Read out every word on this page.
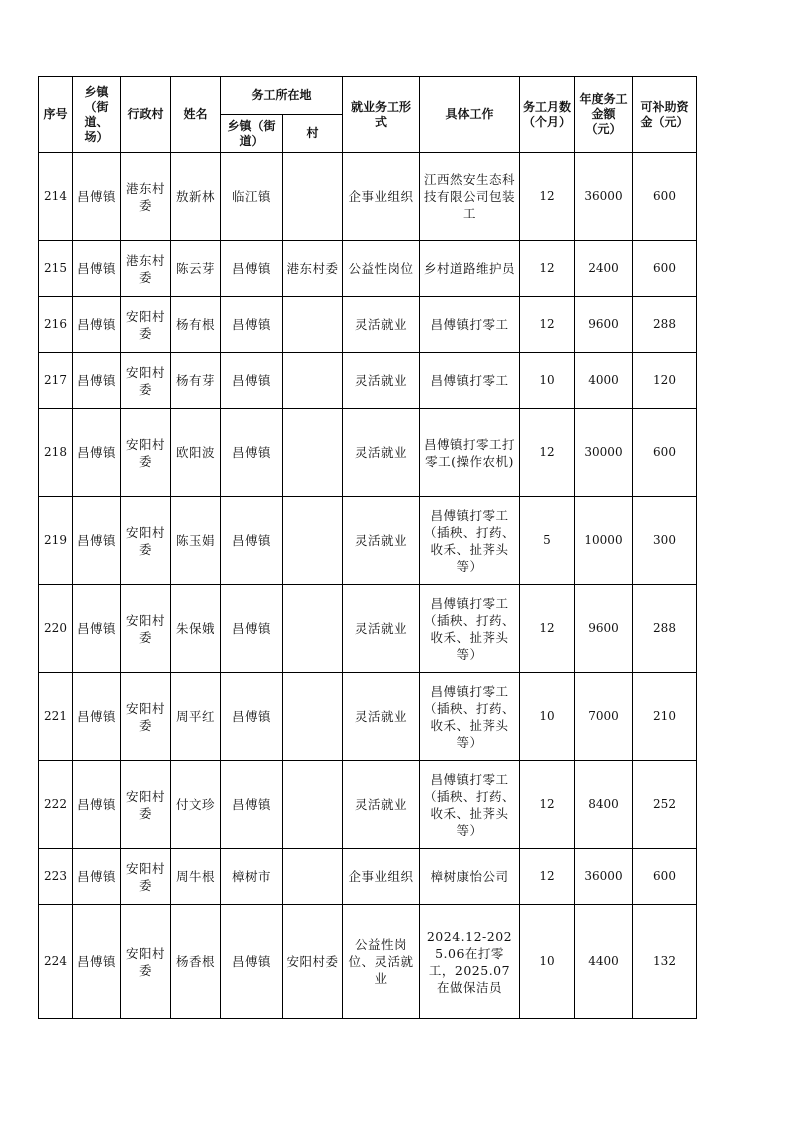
序号	乡镇（街道、场）	行政村	姓名	务工所在地		就业务工形式	具体工作	务工月数（个月）	年度务工金额（元）	可补助资金（元）
				乡镇（街道）	村					
214	昌傅镇	港东村委	敖新林	临江镇		企事业组织	江西然安生态科技有限公司包装工	12	36000	600
215	昌傅镇	港东村委	陈云芽	昌傅镇	港东村委	公益性岗位	乡村道路维护员	12	2400	600
216	昌傅镇	安阳村委	杨有根	昌傅镇		灵活就业	昌傅镇打零工	12	9600	288
217	昌傅镇	安阳村委	杨有芽	昌傅镇		灵活就业	昌傅镇打零工	10	4000	120
218	昌傅镇	安阳村委	欧阳波	昌傅镇		灵活就业	昌傅镇打零工打零工(操作农机)	12	30000	600
219	昌傅镇	安阳村委	陈玉娟	昌傅镇		灵活就业	昌傅镇打零工（插秧、打药、收禾、扯荠头等）	5	10000	300
220	昌傅镇	安阳村委	朱保娥	昌傅镇		灵活就业	昌傅镇打零工（插秧、打药、收禾、扯荠头等）	12	9600	288
221	昌傅镇	安阳村委	周平红	昌傅镇		灵活就业	昌傅镇打零工（插秧、打药、收禾、扯荠头等）	10	7000	210
222	昌傅镇	安阳村委	付文珍	昌傅镇		灵活就业	昌傅镇打零工（插秧、打药、收禾、扯荠头等）	12	8400	252
223	昌傅镇	安阳村委	周牛根	樟树市		企事业组织	樟树康怡公司	12	36000	600
224	昌傅镇	安阳村委	杨香根	昌傅镇	安阳村委	公益性岗位、灵活就业	2024.12-2025.06在打零工，2025.07在做保洁员	10	4400	132
